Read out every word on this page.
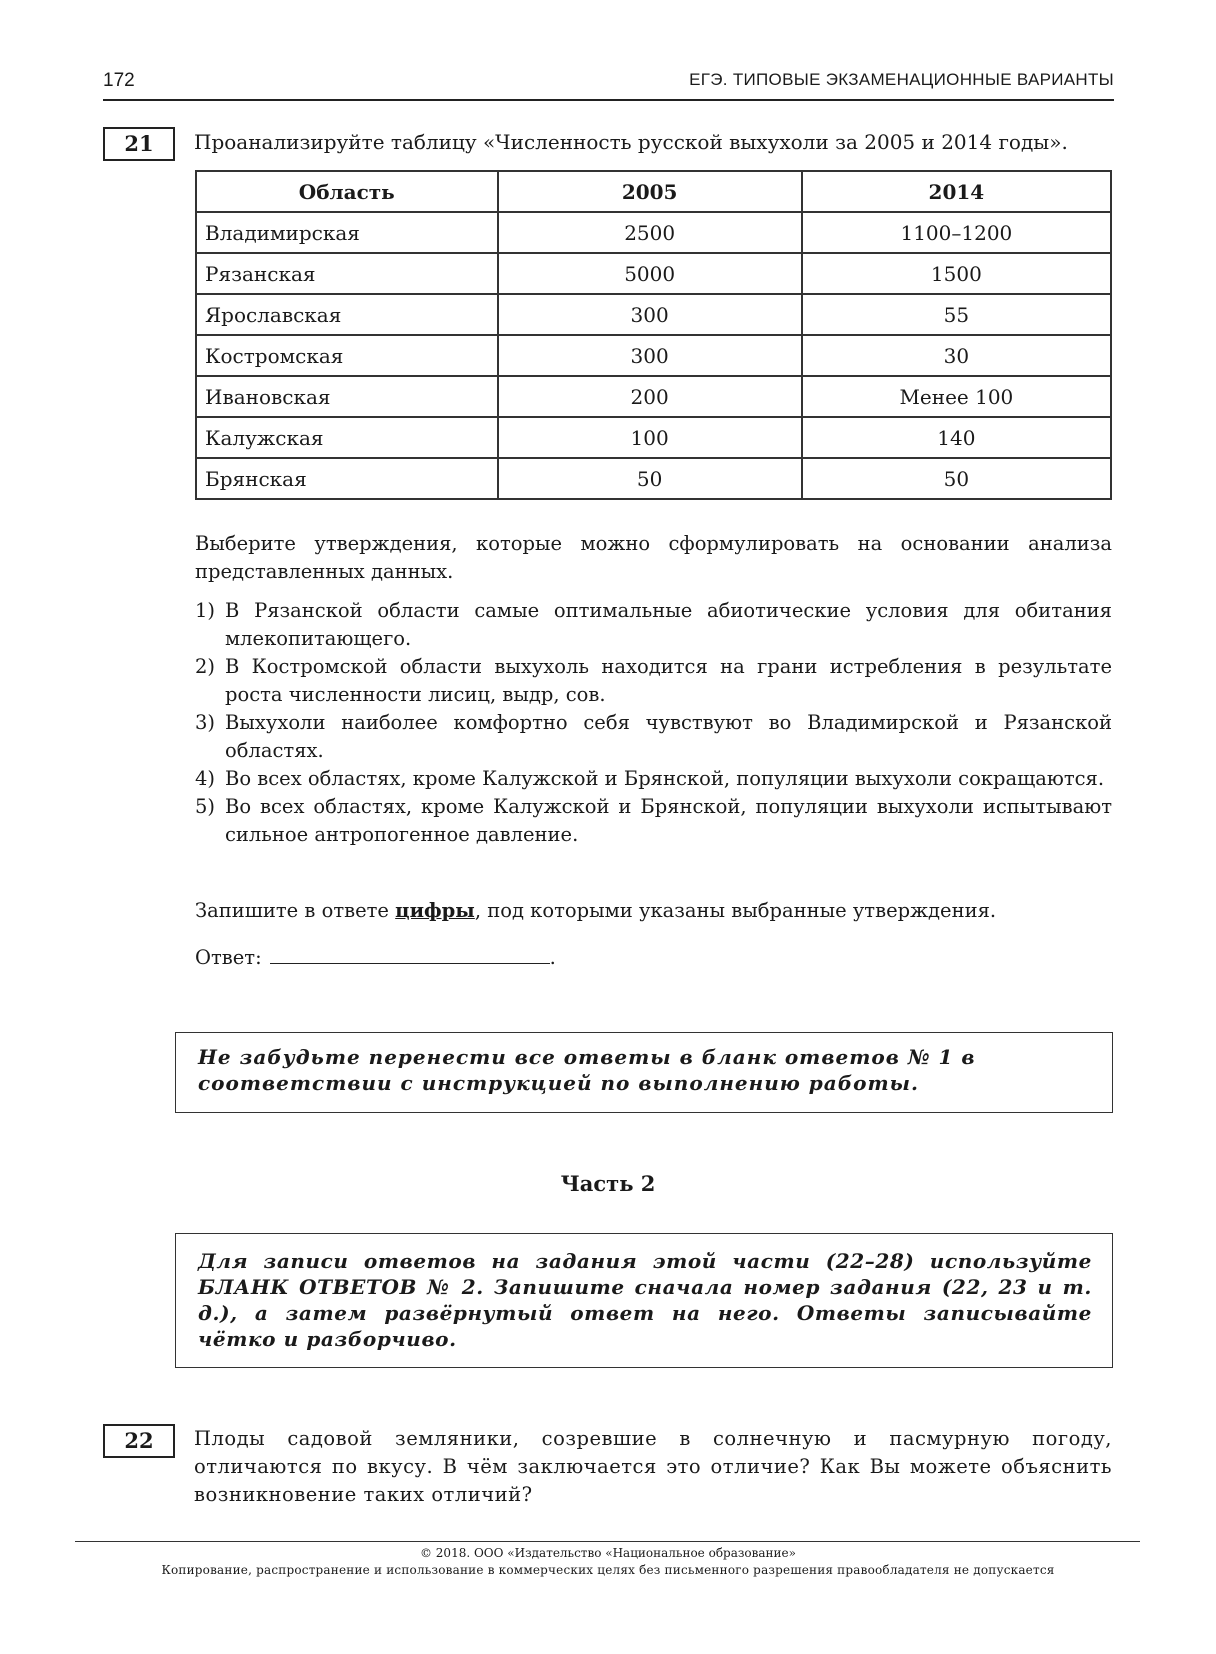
172	ЕГЭ. ТИПОВЫЕ ЭКЗАМЕНАЦИОННЫЕ ВАРИАНТЫ
21	Проанализируйте таблицу «Численность русской выхухоли за 2005 и 2014 годы».
Область	2005	2014
Владимирская	2500	1100–1200
Рязанская	5000	1500
Ярославская	300	55
Костромская	300	30
Ивановская	200	Менее 100
Калужская	100	140
Брянская	50	50
Выберите утверждения, которые можно сформулировать на основании анализа представленных данных.
1) В Рязанской области самые оптимальные абиотические условия для обитания млекопитающего.
2) В Костромской области выхухоль находится на грани истребления в результате роста численности лисиц, выдр, сов.
3) Выхухоли наиболее комфортно себя чувствуют во Владимирской и Рязанской областях.
4) Во всех областях, кроме Калужской и Брянской, популяции выхухоли сокращаются.
5) Во всех областях, кроме Калужской и Брянской, популяции выхухоли испытывают сильное антропогенное давление.
Запишите в ответе цифры, под которыми указаны выбранные утверждения.
Ответ:	.
Не забудьте перенести все ответы в бланк ответов № 1 в соответствии с инструкцией по выполнению работы.
Часть 2
Для записи ответов на задания этой части (22–28) используйте БЛАНК ОТВЕТОВ № 2. Запишите сначала номер задания (22, 23 и т. д.), а затем развёрнутый ответ на него. Ответы записывайте чётко и разборчиво.
22	Плоды садовой земляники, созревшие в солнечную и пасмурную погоду, отличаются по вкусу. В чём заключается это отличие? Как Вы можете объяснить возникновение таких отличий?
© 2018. ООО «Издательство «Национальное образование»
Копирование, распространение и использование в коммерческих целях без письменного разрешения правообладателя не допускается
